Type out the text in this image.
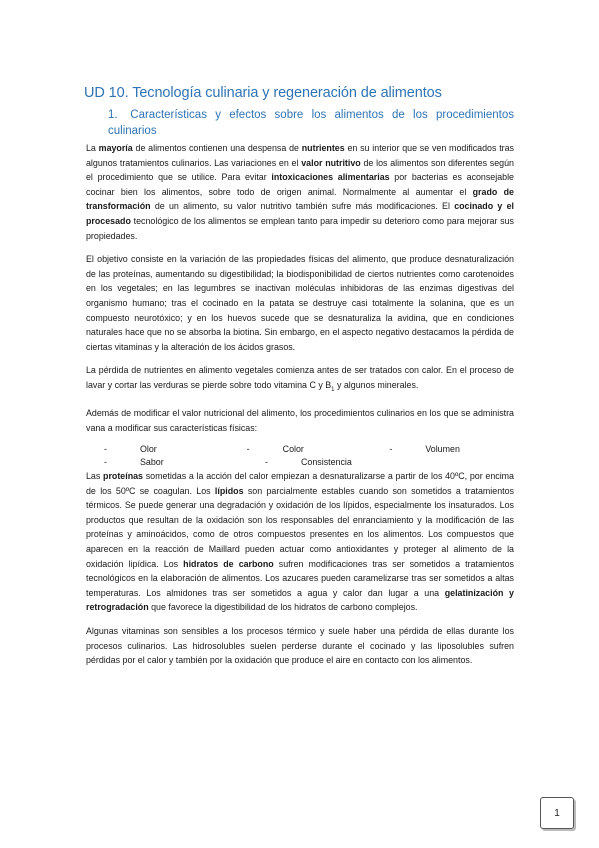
UD 10. Tecnología culinaria y regeneración de alimentos
1. Características y efectos sobre los alimentos de los procedimientos culinarios

La mayoría de alimentos contienen una despensa de nutrientes en su interior que se ven modificados tras algunos tratamientos culinarios. Las variaciones en el valor nutritivo de los alimentos son diferentes según el procedimiento que se utilice. Para evitar intoxicaciones alimentarias por bacterias es aconsejable cocinar bien los alimentos, sobre todo de origen animal. Normalmente al aumentar el grado de transformación de un alimento, su valor nutritivo también sufre más modificaciones. El cocinado y el procesado tecnológico de los alimentos se emplean tanto para impedir su deterioro como para mejorar sus propiedades.

El objetivo consiste en la variación de las propiedades físicas del alimento, que produce desnaturalización de las proteínas, aumentando su digestibilidad; la biodisponibilidad de ciertos nutrientes como carotenoides en los vegetales; en las legumbres se inactivan moléculas inhibidoras de las enzimas digestivas del organismo humano; tras el cocinado en la patata se destruye casi totalmente la solanina, que es un compuesto neurotóxico; y en los huevos sucede que se desnaturaliza la avidina, que en condiciones naturales hace que no se absorba la biotina. Sin embargo, en el aspecto negativo destacamos la pérdida de ciertas vitaminas y la alteración de los ácidos grasos.

La pérdida de nutrientes en alimento vegetales comienza antes de ser tratados con calor. En el proceso de lavar y cortar las verduras se pierde sobre todo vitamina C y $B_1$ y algunos minerales.

Además de modificar el valor nutricional del alimento, los procedimientos culinarios en los que se administra vana a modificar sus características físicas:

-	Olor	-	Color	-	Volumen
-	Sabor	-	Consistencia

Las proteínas sometidas a la acción del calor empiezan a desnaturalizarse a partir de los 40ºC, por encima de los 50ºC se coagulan. Los lípidos son parcialmente estables cuando son sometidos a tratamientos térmicos. Se puede generar una degradación y oxidación de los lípidos, especialmente los insaturados. Los productos que resultan de la oxidación son los responsables del enranciamiento y la modificación de las proteínas y aminoácidos, como de otros compuestos presentes en los alimentos. Los compuestos que aparecen en la reacción de Maillard pueden actuar como antioxidantes y proteger al alimento de la oxidación lipídica. Los hidratos de carbono sufren modificaciones tras ser sometidos a tratamientos tecnológicos en la elaboración de alimentos. Los azucares pueden caramelizarse tras ser sometidos a altas temperaturas. Los almidones tras ser sometidos a agua y calor dan lugar a una gelatinización y retrogradación que favorece la digestibilidad de los hidratos de carbono complejos.

Algunas vitaminas son sensibles a los procesos térmico y suele haber una pérdida de ellas durante los procesos culinarios. Las hidrosolubles suelen perderse durante el cocinado y las liposolubles sufren pérdidas por el calor y también por la oxidación que produce el aire en contacto con los alimentos.

1
